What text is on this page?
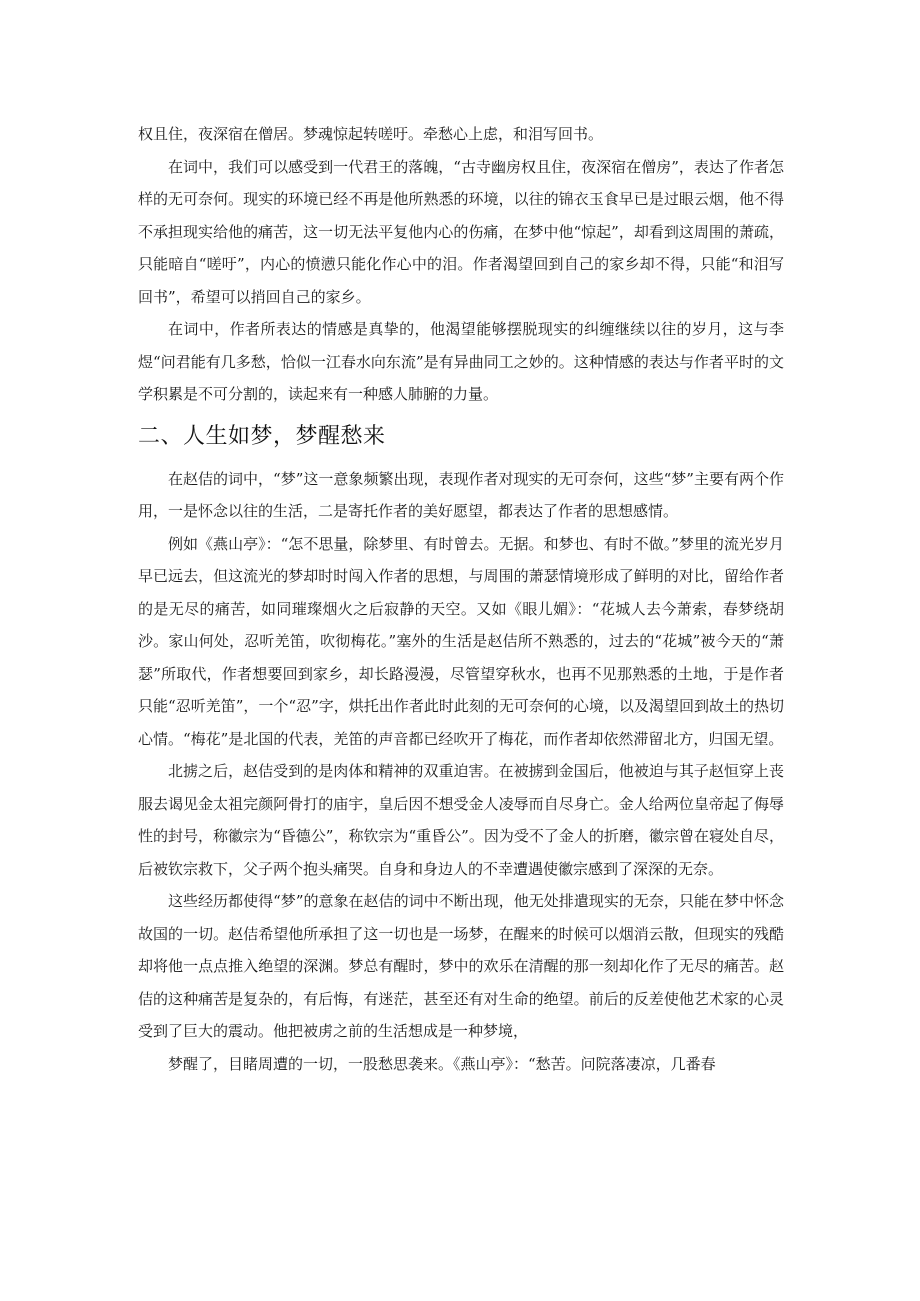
权且住，夜深宿在僧居。梦魂惊起转嗟吁。牵愁心上虑，和泪写回书。

在词中，我们可以感受到一代君王的落魄，“古寺幽房权且住，夜深宿在僧房”，表达了作者怎样的无可奈何。现实的环境已经不再是他所熟悉的环境，以往的锦衣玉食早已是过眼云烟，他不得不承担现实给他的痛苦，这一切无法平复他内心的伤痛，在梦中他“惊起”，却看到这周围的萧疏，只能暗自“嗟吁”，内心的愤懑只能化作心中的泪。作者渴望回到自己的家乡却不得，只能“和泪写回书”，希望可以捎回自己的家乡。

在词中，作者所表达的情感是真挚的，他渴望能够摆脱现实的纠缠继续以往的岁月，这与李煜“问君能有几多愁，恰似一江春水向东流”是有异曲同工之妙的。这种情感的表达与作者平时的文学积累是不可分割的，读起来有一种感人肺腑的力量。

二、人生如梦，梦醒愁来

在赵佶的词中，“梦”这一意象频繁出现，表现作者对现实的无可奈何，这些“梦”主要有两个作用，一是怀念以往的生活，二是寄托作者的美好愿望，都表达了作者的思想感情。

例如《燕山亭》：“怎不思量，除梦里、有时曾去。无据。和梦也、有时不做。”梦里的流光岁月早已远去，但这流光的梦却时时闯入作者的思想，与周围的萧瑟情境形成了鲜明的对比，留给作者的是无尽的痛苦，如同璀璨烟火之后寂静的天空。又如《眼儿媚》：“花城人去今萧索，春梦绕胡沙。家山何处，忍听羌笛，吹彻梅花。”塞外的生活是赵佶所不熟悉的，过去的“花城”被今天的“萧瑟”所取代，作者想要回到家乡，却长路漫漫，尽管望穿秋水，也再不见那熟悉的土地，于是作者只能“忍听羌笛”，一个“忍”字，烘托出作者此时此刻的无可奈何的心境，以及渴望回到故土的热切心情。“梅花”是北国的代表，羌笛的声音都已经吹开了梅花，而作者却依然滞留北方，归国无望。

北掳之后，赵佶受到的是肉体和精神的双重迫害。在被掳到金国后，他被迫与其子赵恒穿上丧服去谒见金太祖完颜阿骨打的庙宇，皇后因不想受金人凌辱而自尽身亡。金人给两位皇帝起了侮辱性的封号，称徽宗为“昏德公”，称钦宗为“重昏公”。因为受不了金人的折磨，徽宗曾在寝处自尽，后被钦宗救下，父子两个抱头痛哭。自身和身边人的不幸遭遇使徽宗感到了深深的无奈。

这些经历都使得“梦”的意象在赵佶的词中不断出现，他无处排遣现实的无奈，只能在梦中怀念故国的一切。赵佶希望他所承担了这一切也是一场梦，在醒来的时候可以烟消云散，但现实的残酷却将他一点点推入绝望的深渊。梦总有醒时，梦中的欢乐在清醒的那一刻却化作了无尽的痛苦。赵佶的这种痛苦是复杂的，有后悔，有迷茫，甚至还有对生命的绝望。前后的反差使他艺术家的心灵受到了巨大的震动。他把被虏之前的生活想成是一种梦境，

梦醒了，目睹周遭的一切，一股愁思袭来。《燕山亭》：“愁苦。问院落凄凉，几番春
